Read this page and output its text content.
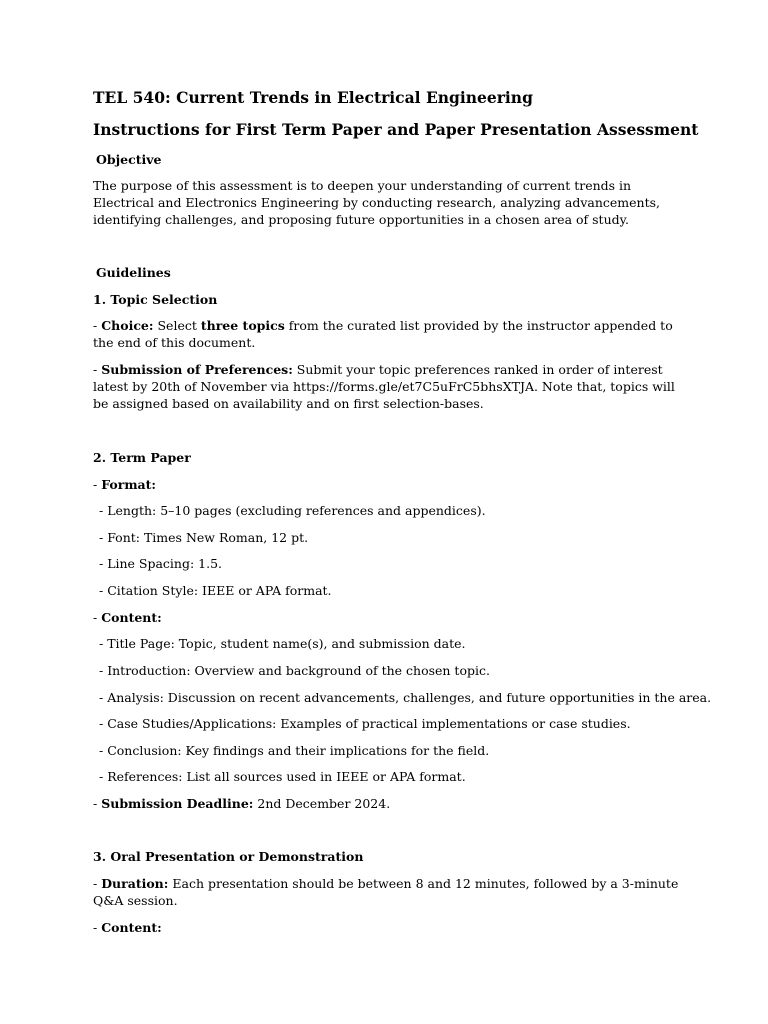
TEL 540: Current Trends in Electrical Engineering
Instructions for First Term Paper and Paper Presentation Assessment
Objective
The purpose of this assessment is to deepen your understanding of current trends in Electrical and Electronics Engineering by conducting research, analyzing advancements, identifying challenges, and proposing future opportunities in a chosen area of study.
Guidelines
1. Topic Selection
- Choice: Select three topics from the curated list provided by the instructor appended to the end of this document.
- Submission of Preferences: Submit your topic preferences ranked in order of interest latest by 20th of November via https://forms.gle/et7C5uFrC5bhsXTJA. Note that, topics will be assigned based on availability and on first selection-bases.
2. Term Paper
- Format:
- Length: 5–10 pages (excluding references and appendices).
- Font: Times New Roman, 12 pt.
- Line Spacing: 1.5.
- Citation Style: IEEE or APA format.
- Content:
- Title Page: Topic, student name(s), and submission date.
- Introduction: Overview and background of the chosen topic.
- Analysis: Discussion on recent advancements, challenges, and future opportunities in the area.
- Case Studies/Applications: Examples of practical implementations or case studies.
- Conclusion: Key findings and their implications for the field.
- References: List all sources used in IEEE or APA format.
- Submission Deadline: 2nd December 2024.
3. Oral Presentation or Demonstration
- Duration: Each presentation should be between 8 and 12 minutes, followed by a 3-minute Q&A session.
- Content:
